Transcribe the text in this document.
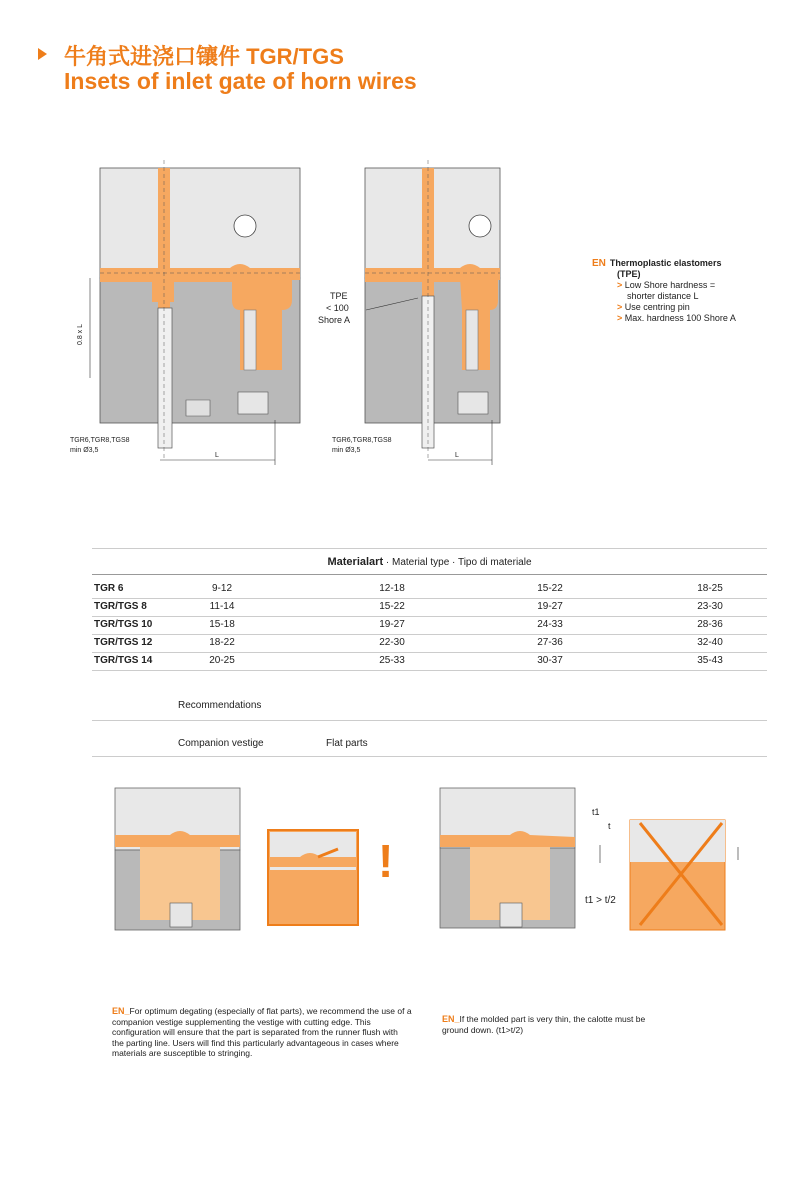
牛角式进浇口镶件 TGR/TGS
Insets of inlet gate of horn wires
0.8 x L
TGR6,TGR8,TGS8
min Ø3,5
L
TPE
< 100
Shore A
TGR6,TGR8,TGS8
min Ø3,5
L
EN Thermoplastic elastomers
(TPE)
> Low Shore hardness =
shorter distance L
> Use centring pin
> Max. hardness 100 Shore A
Materialart · Material type · Tipo di materiale
TGR 6	9-12	12-18	15-22	18-25
TGR/TGS 8	11-14	15-22	19-27	23-30
TGR/TGS 10	15-18	19-27	24-33	28-36
TGR/TGS 12	18-22	22-30	27-36	32-40
TGR/TGS 14	20-25	25-33	30-37	35-43
Recommendations
Companion vestige	Flat parts
!
t1
t
t1 > t/2
EN_For optimum degating (especially of flat parts), we recommend the use of a companion vestige supplementing the vestige with cutting edge. This configuration will ensure that the part is separated from the runner flush with the parting line. Users will find this particularly advantageous in cases where materials are susceptible to stringing.
EN_If the molded part is very thin, the calotte must be ground down. (t1>t/2)
